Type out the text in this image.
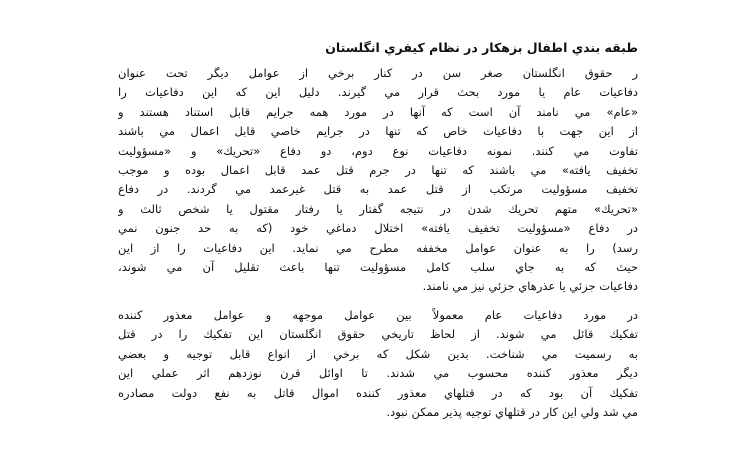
طبقه بندي اطفال بزهكار در نظام كيفري انگلستان
ر حقوق انگلستان صغر سن در كنار برخي از عوامل ديگر تحت عنوان
دفاعيات عام يا مورد بحث قرار مي گيرند. دليل اين كه اين دفاعيات را
«عام» مي نامند آن است كه آنها در مورد همه جرايم قابل استناد هستند و
از اين جهت با دفاعيات خاص كه تنها در جرايم خاصي قابل اعمال مي باشند
تفاوت مي كنند. نمونه دفاعيات نوع دوم، دو دفاع «تحريك» و «مسؤوليت
تخفيف يافته» مي باشند كه تنها در جرم قتل عمد قابل اعمال بوده و موجب
تخفيف مسؤوليت مرتكب از قتل عمد به قتل غيرعمد مي گردند. در دفاع
«تحريك» متهم تحريك شدن در نتيجه گفتار يا رفتار مقتول يا شخص ثالث و
در دفاع «مسؤوليت تخفيف يافته» اختلال دماغي خود (كه به حد جنون نمي
رسد) را به عنوان عوامل مخففه مطرح مي نمايد. اين دفاعيات را از اين
حيث كه به جاي سلب كامل مسؤوليت تنها باعث تقليل آن مي شوند،
دفاعيات جزئي يا عذرهاي جزئي نيز مي نامند.
در مورد دفاعيات عام معمولاً بين عوامل موجهه و عوامل معذور كننده
تفكيك قائل مي شوند. از لحاظ تاريخي حقوق انگلستان اين تفكيك را در قتل
به رسميت مي شناخت. بدين شكل كه برخي از انواع قابل توجيه و بعضي
ديگر معذور كننده محسوب مي شدند. تا اوائل قرن نوزدهم اثر عملي اين
تفكيك آن بود كه در قتلهاي معذور كننده اموال قاتل به نفع دولت مصادره
مي شد ولي اين كار در قتلهاي توجيه پذير ممكن نبود.
